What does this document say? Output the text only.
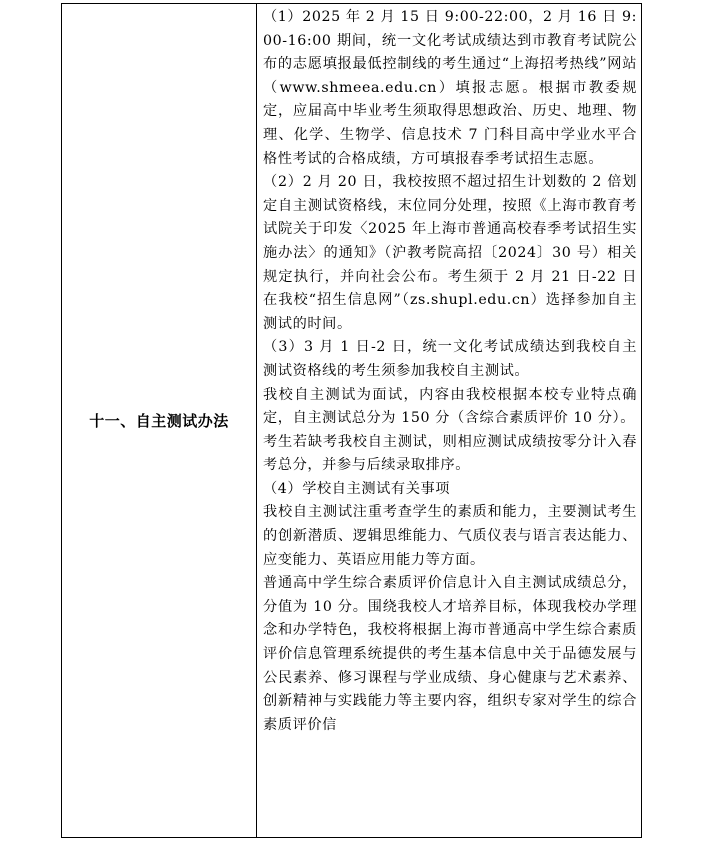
十一、自主测试办法

（1）2025 年 2 月 15 日 9:00-22:00，2 月 16 日 9:00-16:00 期间，统一文化考试成绩达到市教育考试院公布的志愿填报最低控制线的考生通过“上海招考热线”网站（www.shmeea.edu.cn）填报志愿。根据市教委规定，应届高中毕业考生须取得思想政治、历史、地理、物理、化学、生物学、信息技术 7 门科目高中学业水平合格性考试的合格成绩，方可填报春季考试招生志愿。

（2）2 月 20 日，我校按照不超过招生计划数的 2 倍划定自主测试资格线，末位同分处理，按照《上海市教育考试院关于印发〈2025 年上海市普通高校春季考试招生实施办法〉的通知》（沪教考院高招〔2024〕30 号）相关规定执行，并向社会公布。考生须于 2 月 21 日-22 日在我校“招生信息网”（zs.shupl.edu.cn）选择参加自主测试的时间。

（3）3 月 1 日-2 日，统一文化考试成绩达到我校自主测试资格线的考生须参加我校自主测试。

我校自主测试为面试，内容由我校根据本校专业特点确定，自主测试总分为 150 分（含综合素质评价 10 分）。

考生若缺考我校自主测试，则相应测试成绩按零分计入春考总分，并参与后续录取排序。

（4）学校自主测试有关事项

我校自主测试注重考查学生的素质和能力，主要测试考生的创新潜质、逻辑思维能力、气质仪表与语言表达能力、应变能力、英语应用能力等方面。

普通高中学生综合素质评价信息计入自主测试成绩总分，分值为 10 分。围绕我校人才培养目标，体现我校办学理念和办学特色，我校将根据上海市普通高中学生综合素质评价信息管理系统提供的考生基本信息中关于品德发展与公民素养、修习课程与学业成绩、身心健康与艺术素养、创新精神与实践能力等主要内容，组织专家对学生的综合素质评价信
